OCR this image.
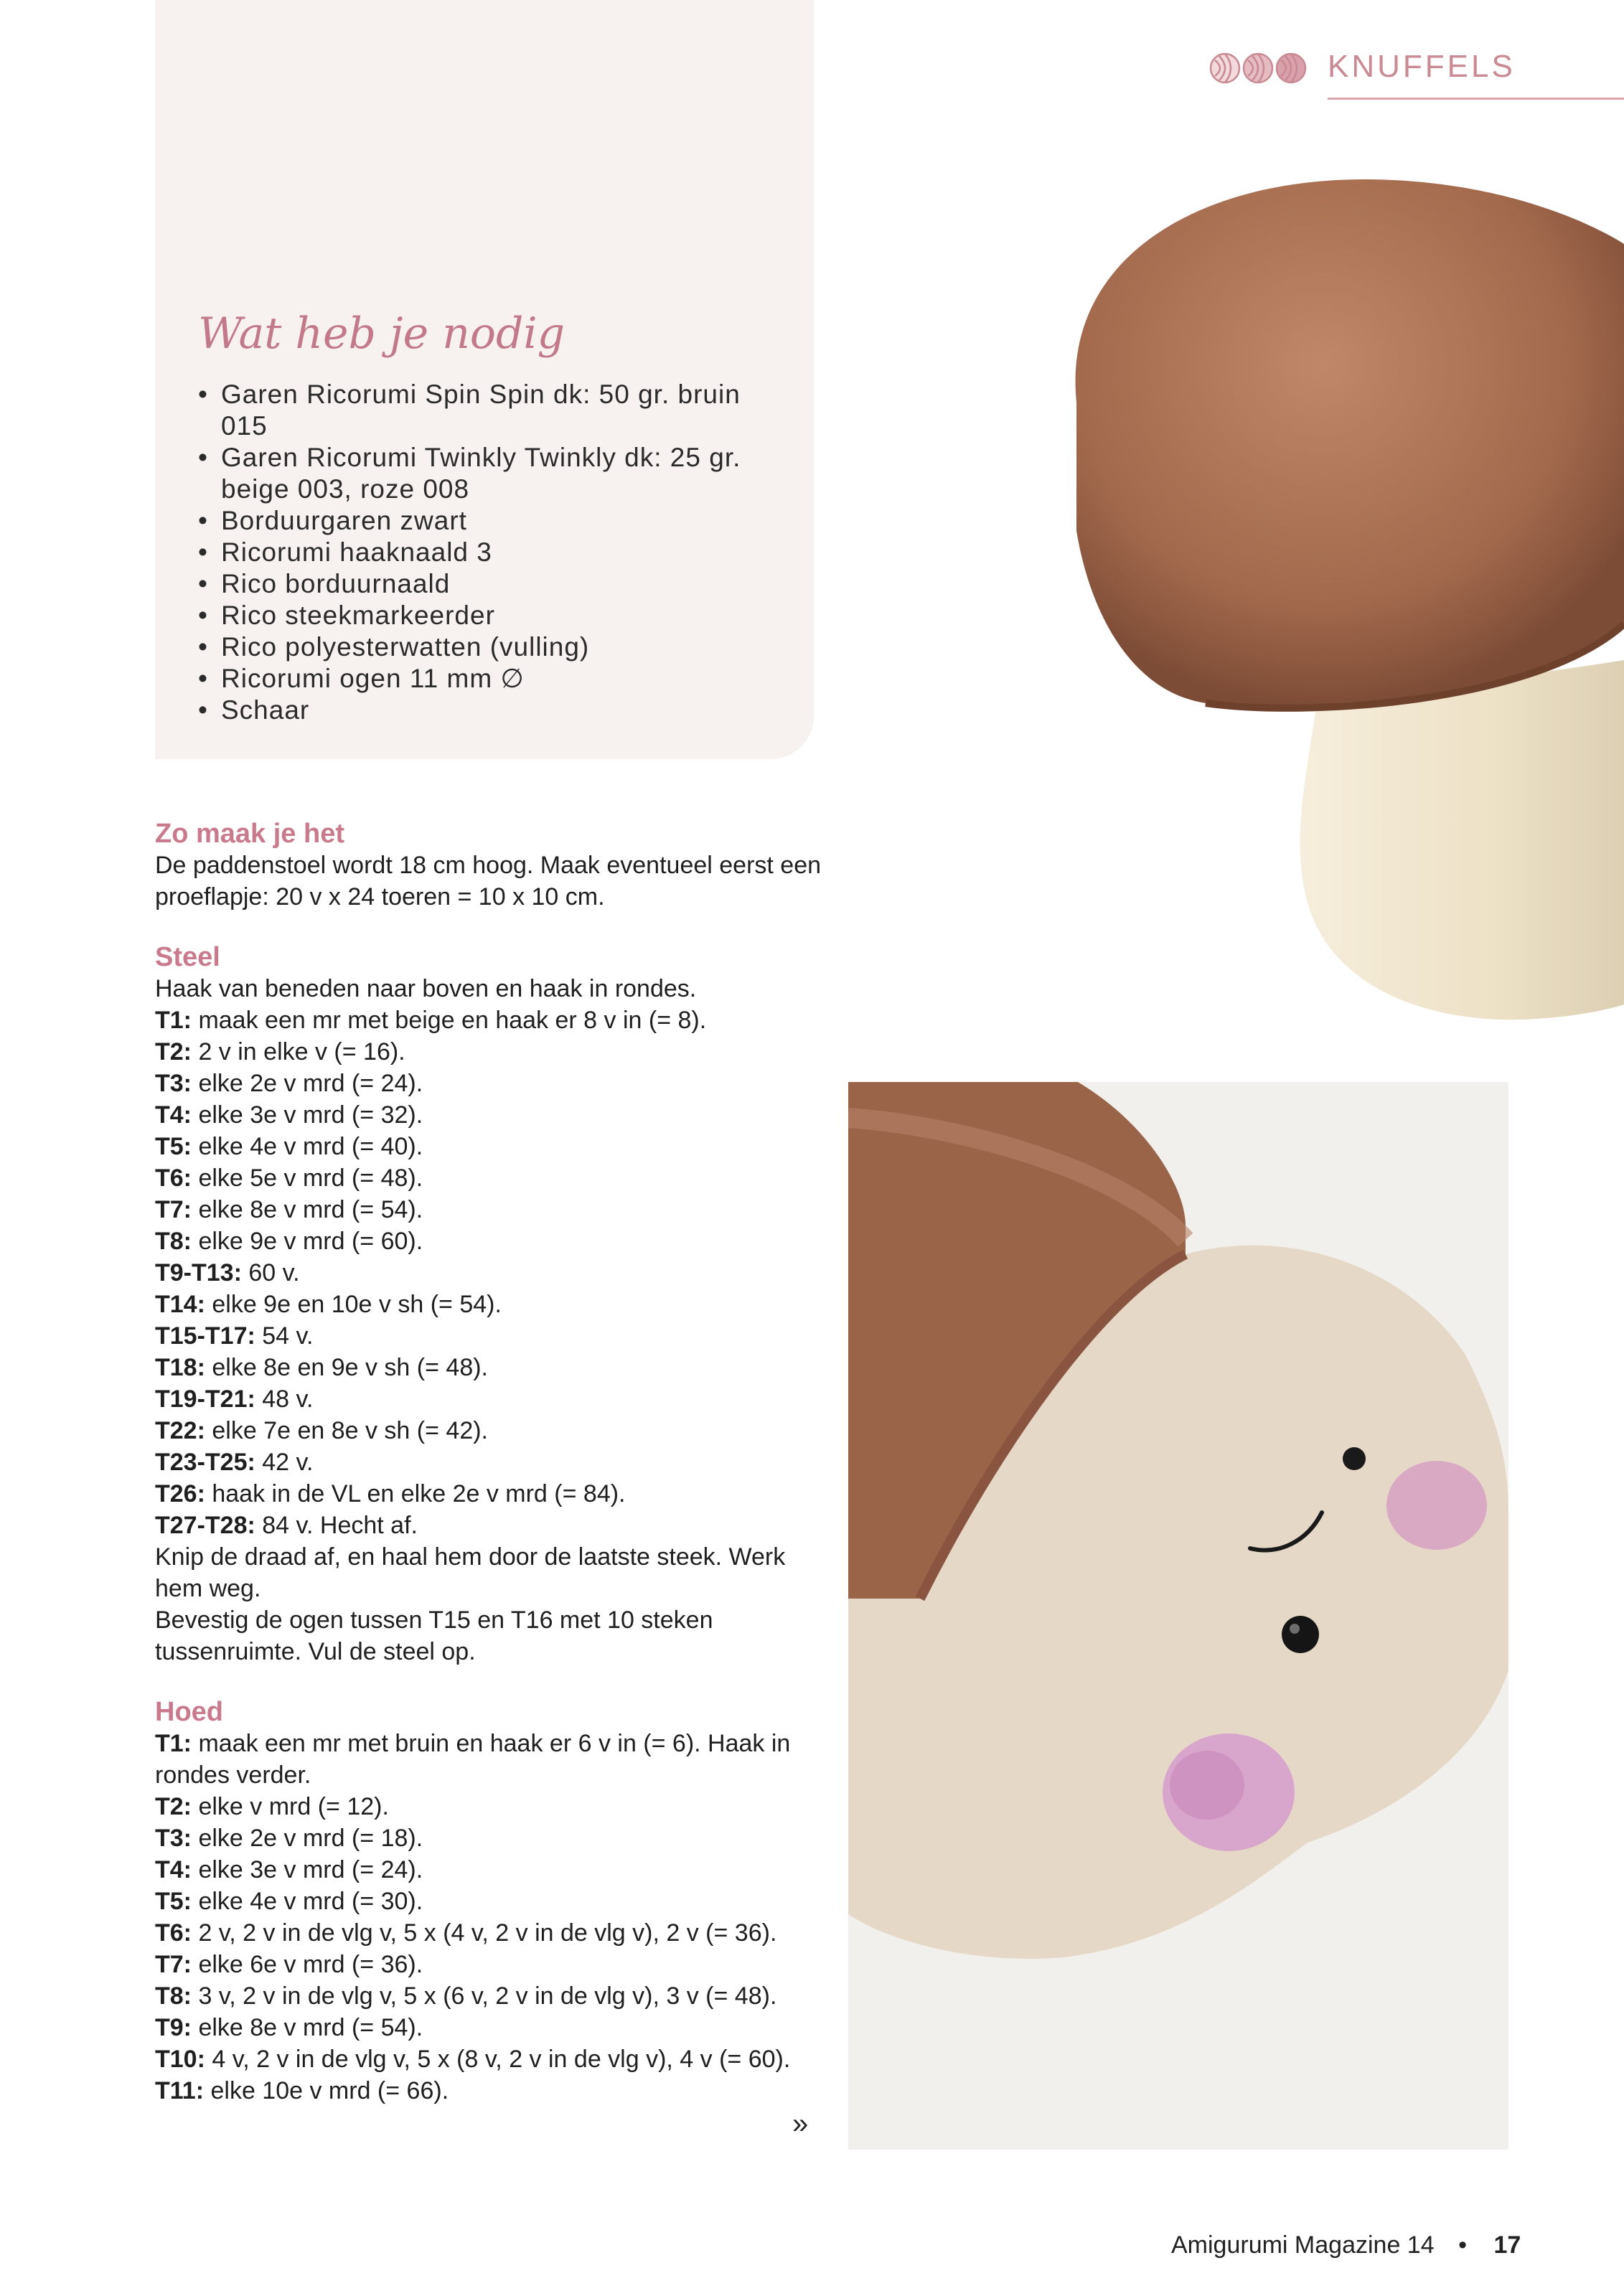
KNUFFELS
Wat heb je nodig
• Garen Ricorumi Spin Spin dk: 50 gr. bruin 015
• Garen Ricorumi Twinkly Twinkly dk: 25 gr. beige 003, roze 008
• Borduurgaren zwart
• Ricorumi haaknaald 3
• Rico borduurnaald
• Rico steekmarkeerder
• Rico polyesterwatten (vulling)
• Ricorumi ogen 11 mm ∅
• Schaar
Zo maak je het

De paddenstoel wordt 18 cm hoog. Maak eventueel eerst een proeflapje: 20 v x 24 toeren = 10 x 10 cm.

Steel

Haak van beneden naar boven en haak in rondes.

T1: maak een mr met beige en haak er 8 v in (= 8).

T2: 2 v in elke v (= 16).

T3: elke 2e v mrd (= 24).

T4: elke 3e v mrd (= 32).

T5: elke 4e v mrd (= 40).

T6: elke 5e v mrd (= 48).

T7: elke 8e v mrd (= 54).

T8: elke 9e v mrd (= 60).

T9-T13: 60 v.

T14: elke 9e en 10e v sh (= 54).

T15-T17: 54 v.

T18: elke 8e en 9e v sh (= 48).

T19-T21: 48 v.

T22: elke 7e en 8e v sh (= 42).

T23-T25: 42 v.

T26: haak in de VL en elke 2e v mrd (= 84).

T27-T28: 84 v. Hecht af.

Knip de draad af, en haal hem door de laatste steek. Werk hem weg.

Bevestig de ogen tussen T15 en T16 met 10 steken tussenruimte. Vul de steel op.

Hoed

T1: maak een mr met bruin en haak er 6 v in (= 6). Haak in rondes verder.

T2: elke v mrd (= 12).

T3: elke 2e v mrd (= 18).

T4: elke 3e v mrd (= 24).

T5: elke 4e v mrd (= 30).

T6: 2 v, 2 v in de vlg v, 5 x (4 v, 2 v in de vlg v), 2 v (= 36).

T7: elke 6e v mrd (= 36).

T8: 3 v, 2 v in de vlg v, 5 x (6 v, 2 v in de vlg v), 3 v (= 48).

T9: elke 8e v mrd (= 54).

T10: 4 v, 2 v in de vlg v, 5 x (8 v, 2 v in de vlg v), 4 v (= 60).

T11: elke 10e v mrd (= 66).

»
Amigurumi Magazine 14 • 17
